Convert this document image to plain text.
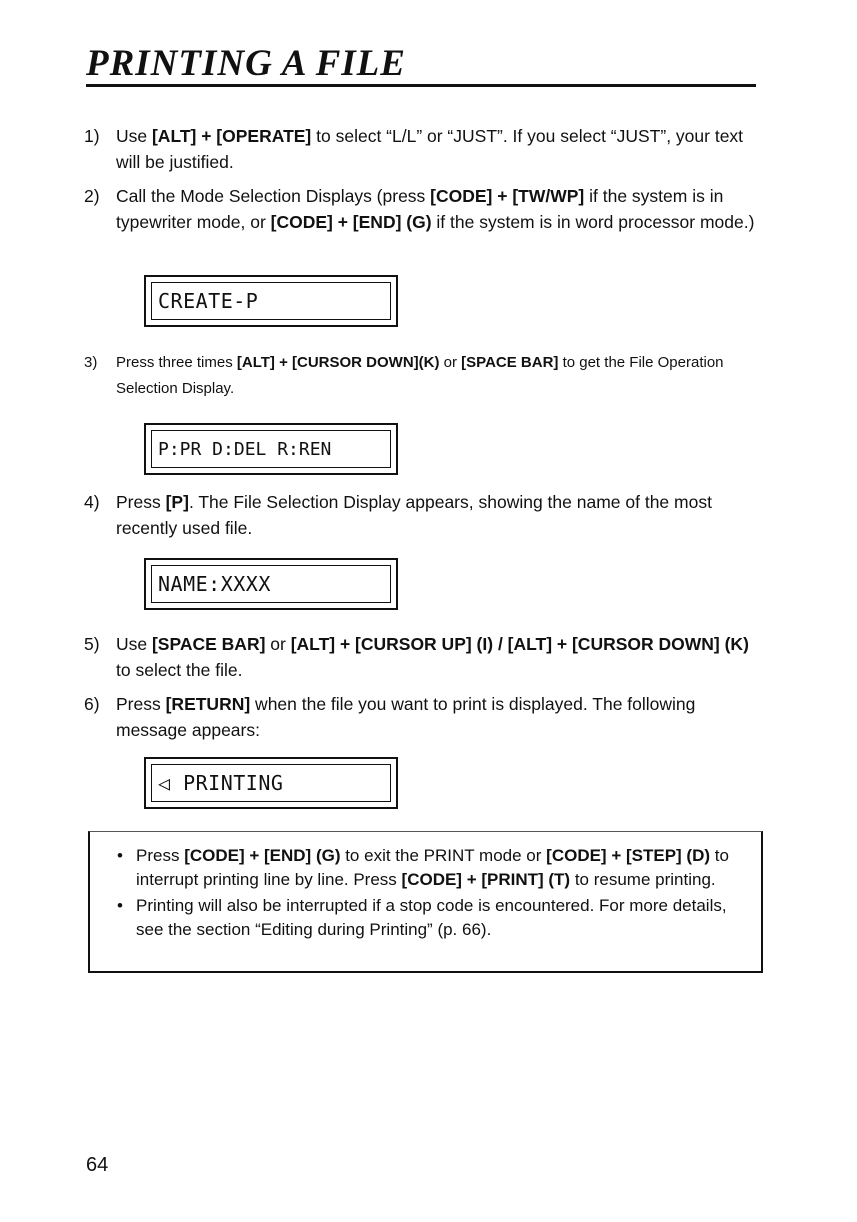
PRINTING A FILE
1) Use [ALT] + [OPERATE] to select “L/L” or “JUST”. If you select “JUST”, your text will be justified.
2) Call the Mode Selection Displays (press [CODE] + [TW/WP] if the system is in typewriter mode, or [CODE] + [END] (G) if the system is in word processor mode.)
CREATE-P
3) Press three times [ALT] + [CURSOR DOWN](K) or [SPACE BAR] to get the File Operation Selection Display.
P:PR D:DEL R:REN
4) Press [P]. The File Selection Display appears, showing the name of the most recently used file.
NAME:XXXX
5) Use [SPACE BAR] or [ALT] + [CURSOR UP] (I) / [ALT] + [CURSOR DOWN] (K) to select the file.
6) Press [RETURN] when the file you want to print is displayed. The following message appears:
◁ PRINTING
• Press [CODE] + [END] (G) to exit the PRINT mode or [CODE] + [STEP] (D) to interrupt printing line by line. Press [CODE] + [PRINT] (T) to resume printing.
• Printing will also be interrupted if a stop code is encountered. For more details, see the section “Editing during Printing” (p. 66).
64
